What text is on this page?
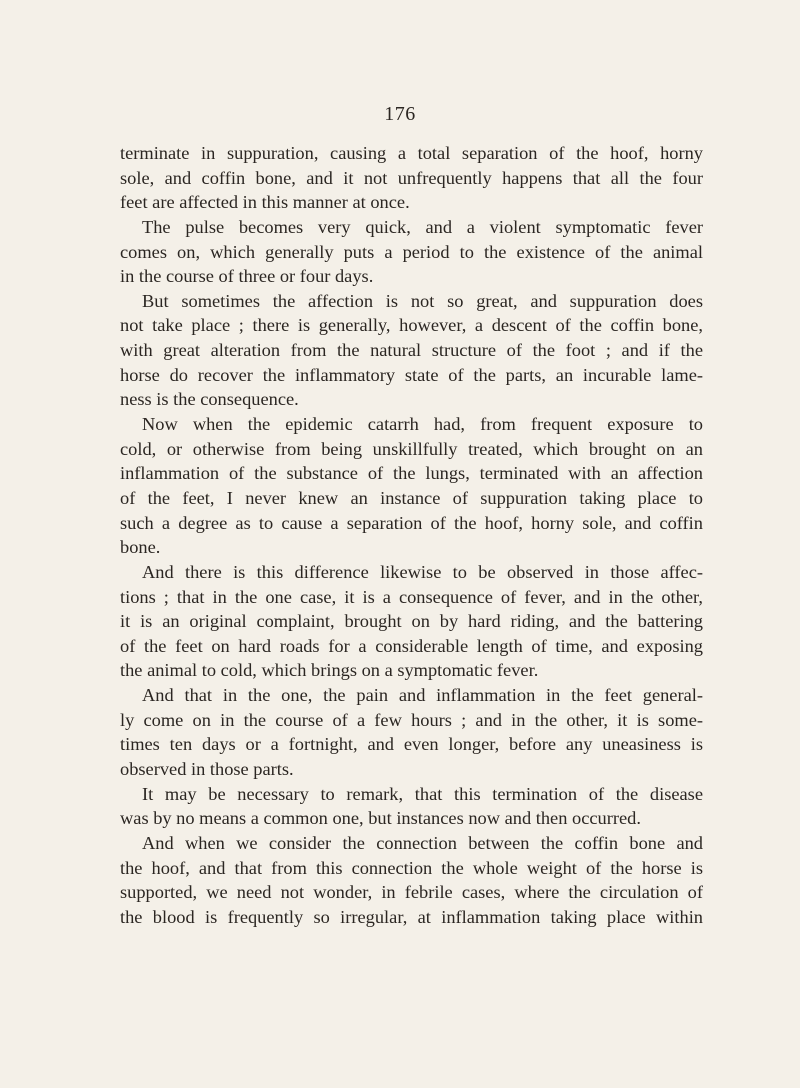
176
terminate in suppuration, causing a total separation of the hoof, horny
sole, and coffin bone, and it not unfrequently happens that all the four
feet are affected in this manner at once.
The pulse becomes very quick, and a violent symptomatic fever
comes on, which generally puts a period to the existence of the animal
in the course of three or four days.
But sometimes the affection is not so great, and suppuration does
not take place ; there is generally, however, a descent of the coffin bone,
with great alteration from the natural structure of the foot ; and if the
horse do recover the inflammatory state of the parts, an incurable lame-
ness is the consequence.
Now when the epidemic catarrh had, from frequent exposure to
cold, or otherwise from being unskillfully treated, which brought on an
inflammation of the substance of the lungs, terminated with an affection
of the feet, I never knew an instance of suppuration taking place to
such a degree as to cause a separation of the hoof, horny sole, and coffin
bone.
And there is this difference likewise to be observed in those affec-
tions ; that in the one case, it is a consequence of fever, and in the other,
it is an original complaint, brought on by hard riding, and the battering
of the feet on hard roads for a considerable length of time, and exposing
the animal to cold, which brings on a symptomatic fever.
And that in the one, the pain and inflammation in the feet general-
ly come on in the course of a few hours ; and in the other, it is some-
times ten days or a fortnight, and even longer, before any uneasiness is
observed in those parts.
It may be necessary to remark, that this termination of the disease
was by no means a common one, but instances now and then occurred.
And when we consider the connection between the coffin bone and
the hoof, and that from this connection the whole weight of the horse is
supported, we need not wonder, in febrile cases, where the circulation of
the blood is frequently so irregular, at inflammation taking place within
